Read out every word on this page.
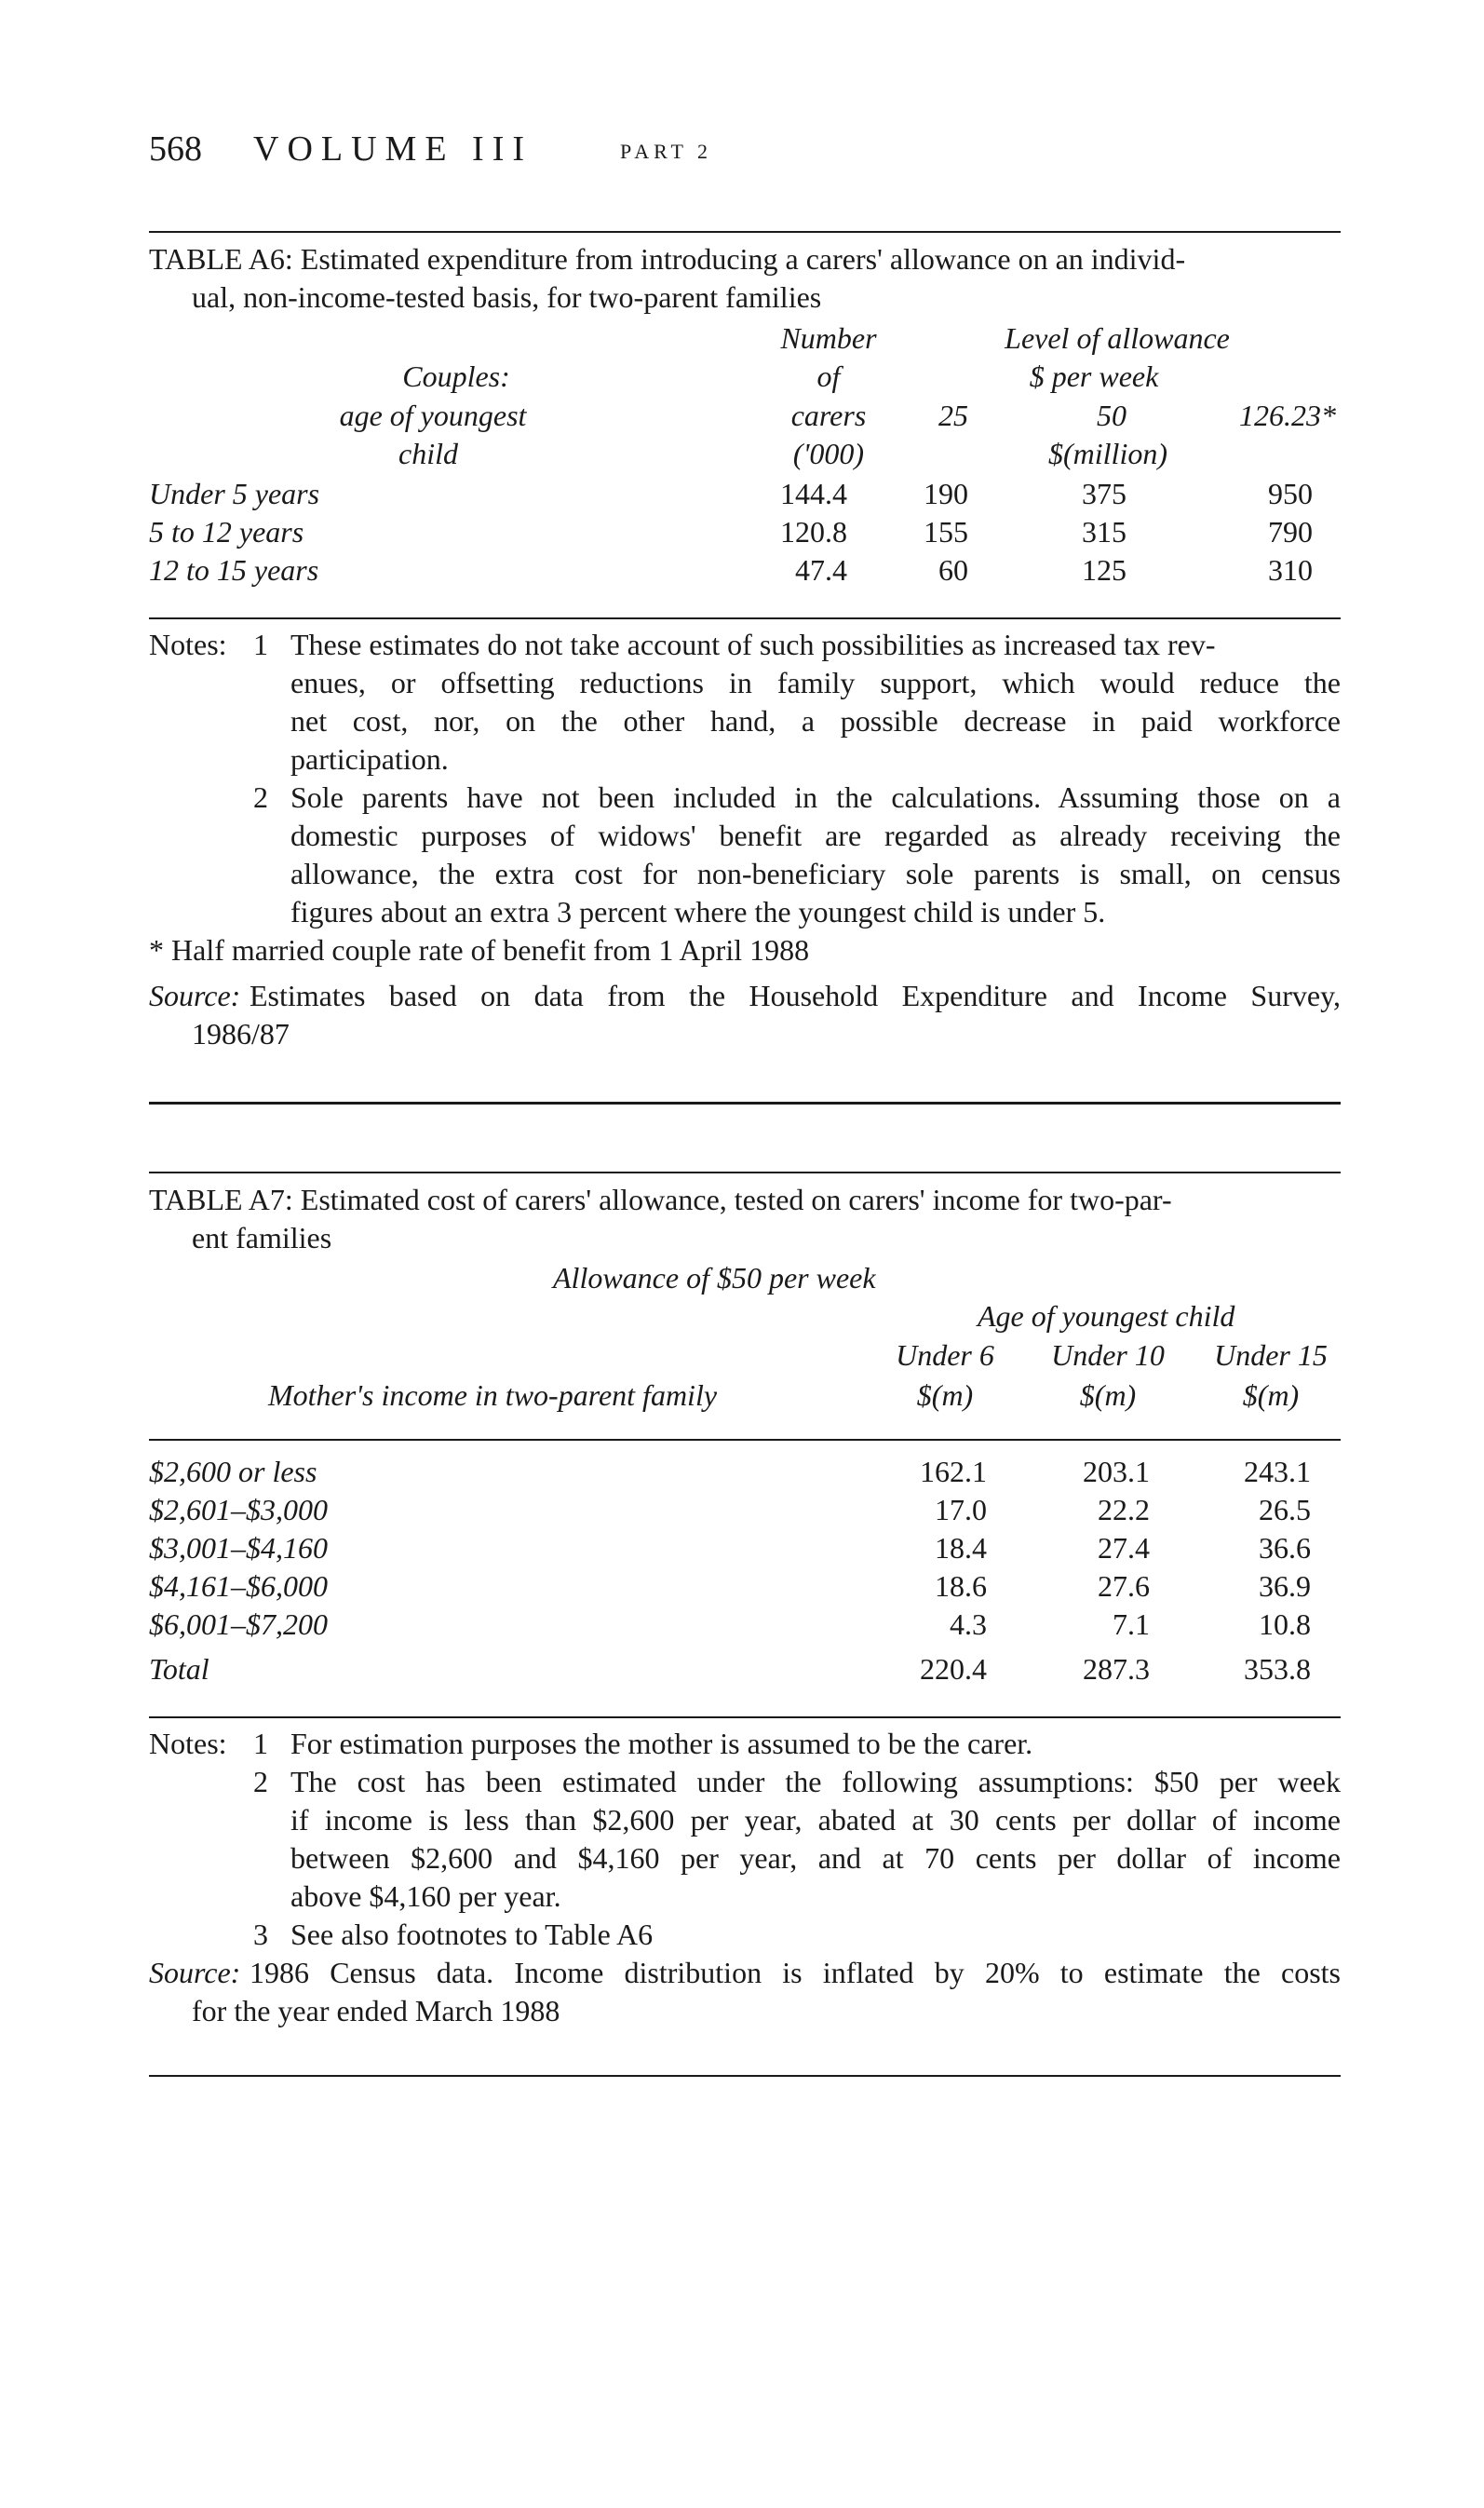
568 VOLUME III	PART 2
TABLE A6: Estimated expenditure from introducing a carers' allowance on an individ-
ual, non-income-tested basis, for two-parent families
Couples:
age of youngest
child
Number
of
carers
('000)
Level of allowance
$ per week
25	50	126.23*
$(million)
Under 5 years	144.4	190	375	950
5 to 12 years	120.8	155	315	790
12 to 15 years	47.4	60	125	310
Notes: 1 These estimates do not take account of such possibilities as increased tax rev-
enues, or offsetting reductions in family support, which would reduce the
net cost, nor, on the other hand, a possible decrease in paid workforce
participation.
2 Sole parents have not been included in the calculations. Assuming those on a
domestic purposes of widows' benefit are regarded as already receiving the
allowance, the extra cost for non-beneficiary sole parents is small, on census
figures about an extra 3 percent where the youngest child is under 5.
* Half married couple rate of benefit from 1 April 1988
Source: Estimates based on data from the Household Expenditure and Income Survey,
1986/87
TABLE A7: Estimated cost of carers' allowance, tested on carers' income for two-par-
ent families
Allowance of $50 per week
Age of youngest child
Under 6	Under 10	Under 15
Mother's income in two-parent family	$(m)	$(m)	$(m)
$2,600 or less	162.1	203.1	243.1
$2,601–$3,000	17.0	22.2	26.5
$3,001–$4,160	18.4	27.4	36.6
$4,161–$6,000	18.6	27.6	36.9
$6,001–$7,200	4.3	7.1	10.8
Total	220.4	287.3	353.8
Notes: 1 For estimation purposes the mother is assumed to be the carer.
2 The cost has been estimated under the following assumptions: $50 per week
if income is less than $2,600 per year, abated at 30 cents per dollar of income
between $2,600 and $4,160 per year, and at 70 cents per dollar of income
above $4,160 per year.
3 See also footnotes to Table A6
Source: 1986 Census data. Income distribution is inflated by 20% to estimate the costs
for the year ended March 1988
